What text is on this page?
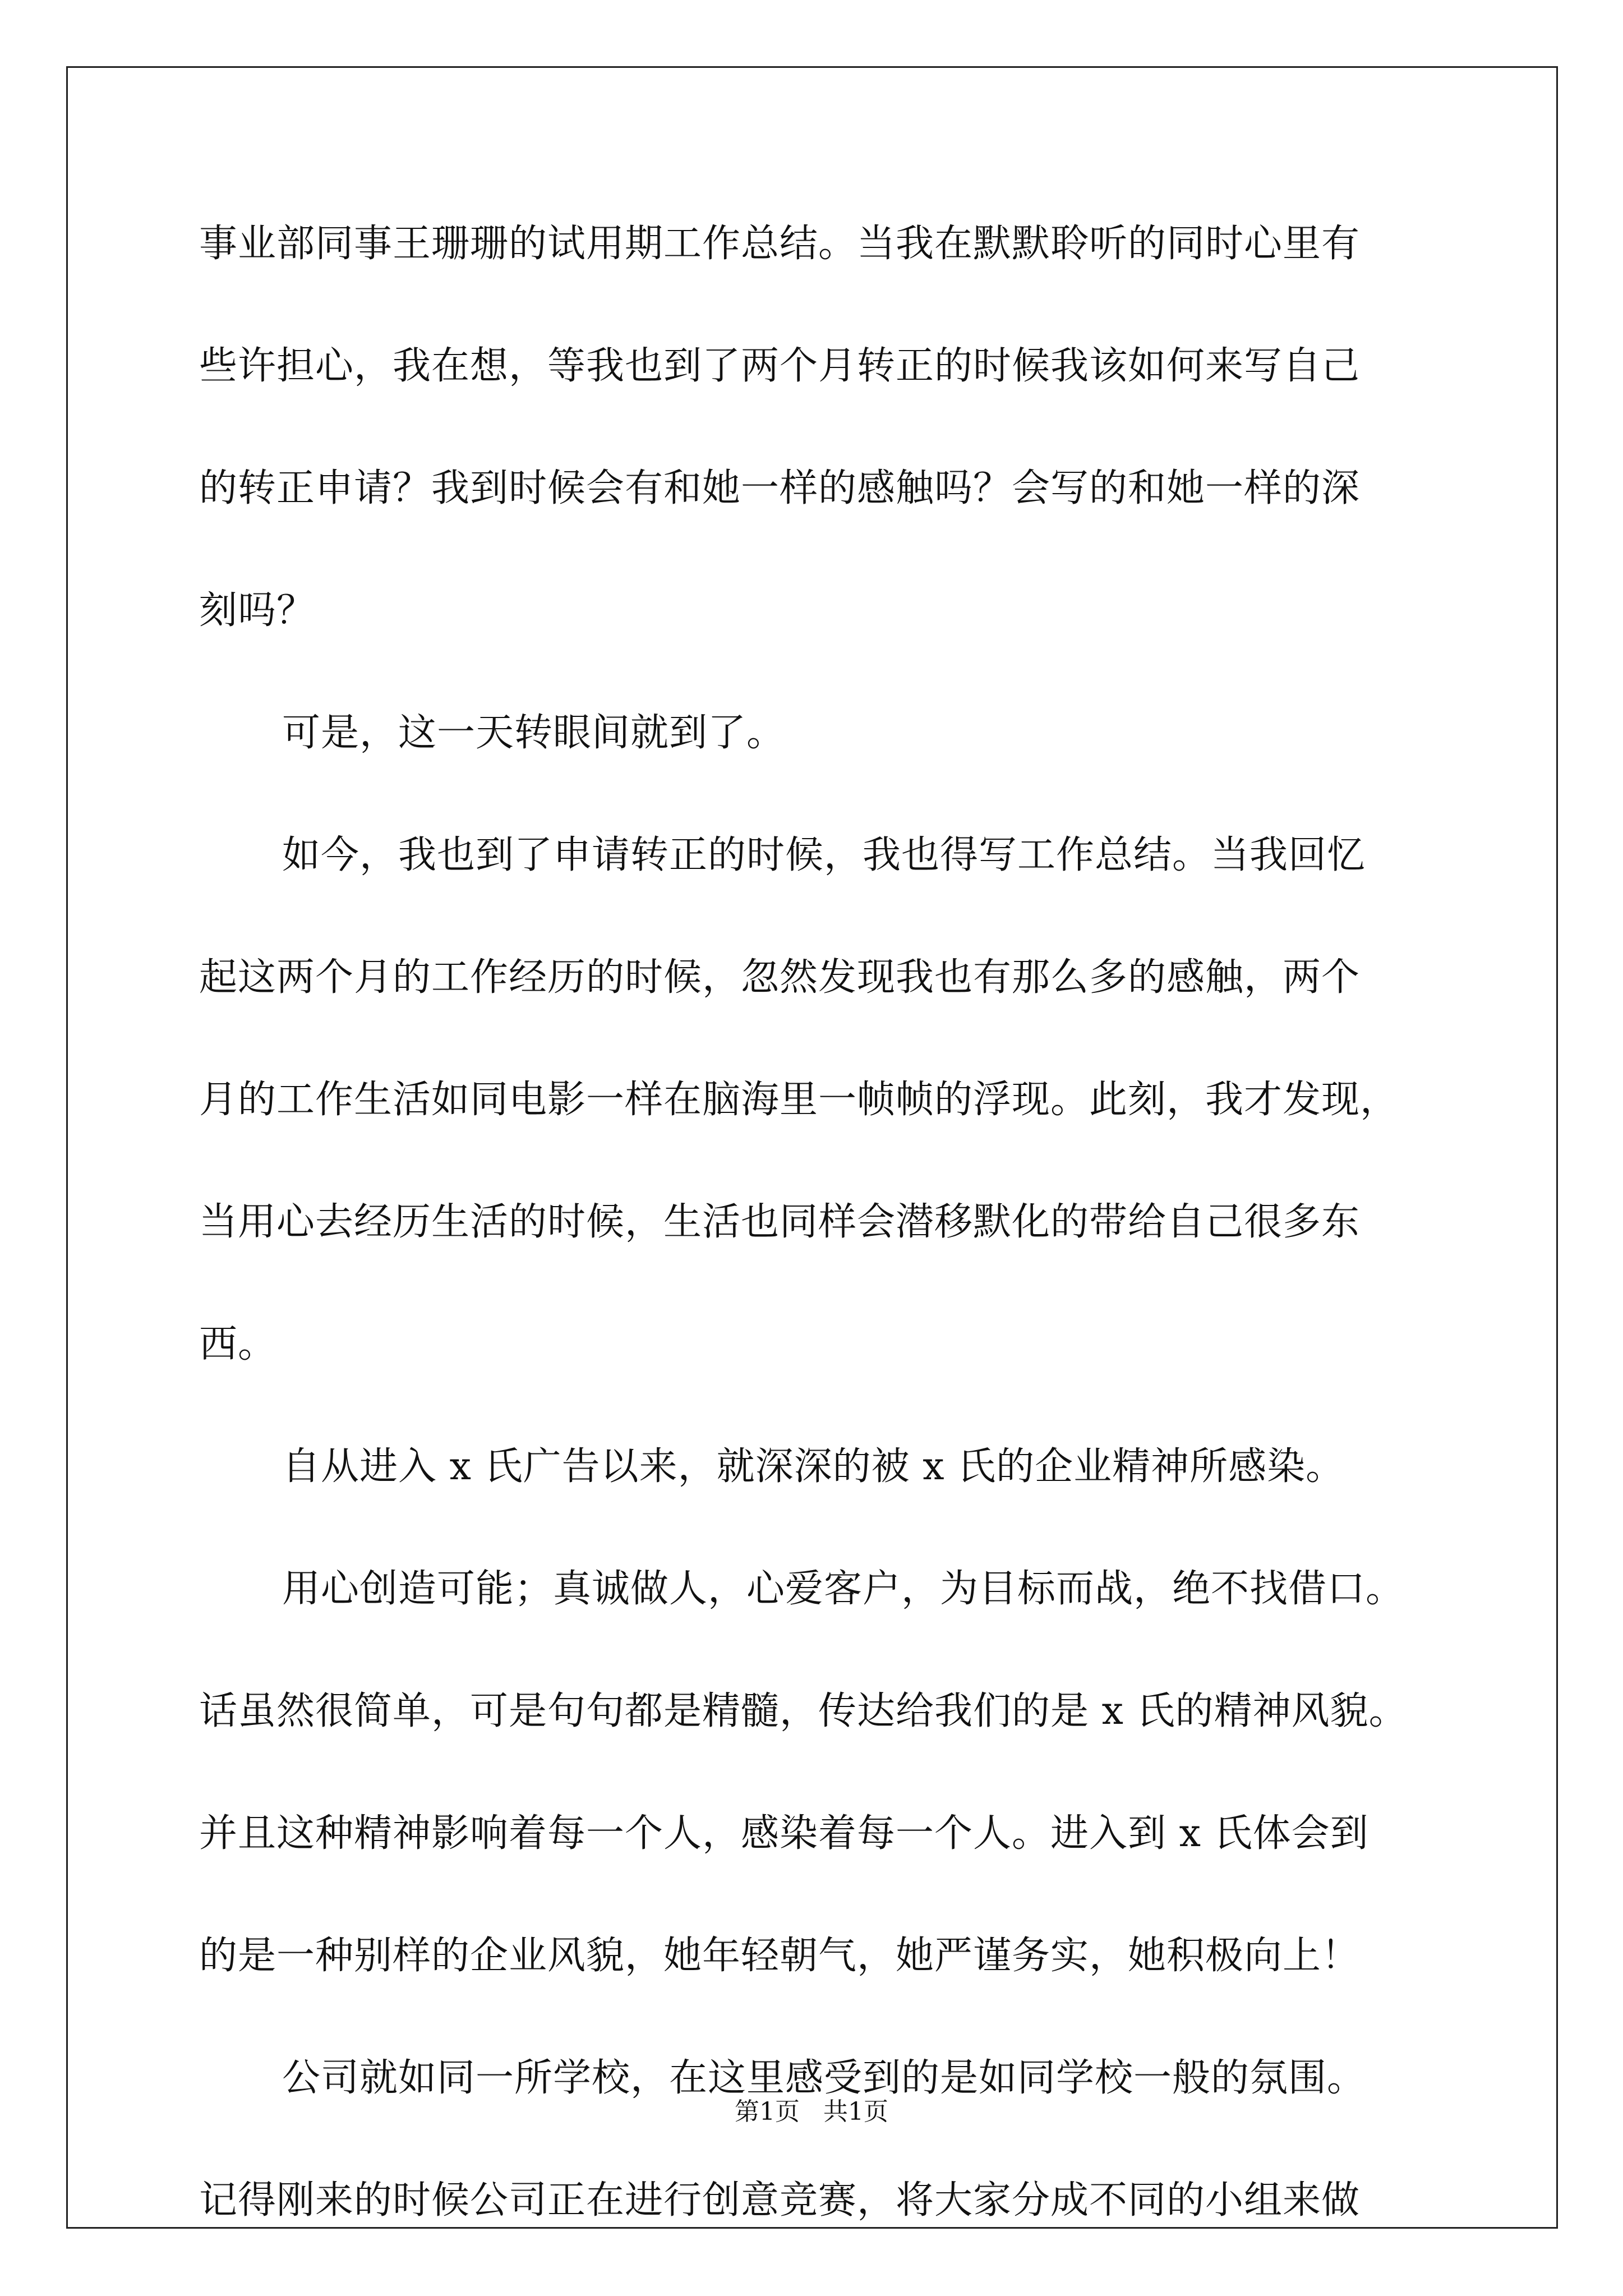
事业部同事王珊珊的试用期工作总结。当我在默默聆听的同时心里有
些许担心，我在想，等我也到了两个月转正的时候我该如何来写自己
的转正申请？我到时候会有和她一样的感触吗？会写的和她一样的深
刻吗？
可是，这一天转眼间就到了。
如今，我也到了申请转正的时候，我也得写工作总结。当我回忆
起这两个月的工作经历的时候，忽然发现我也有那么多的感触，两个
月的工作生活如同电影一样在脑海里一帧帧的浮现。此刻，我才发现，
当用心去经历生活的时候，生活也同样会潜移默化的带给自己很多东
西。
自从进入 x 氏广告以来，就深深的被 x 氏的企业精神所感染。
用心创造可能；真诚做人，心爱客户，为目标而战，绝不找借口。
话虽然很简单，可是句句都是精髓，传达给我们的是 x 氏的精神风貌。
并且这种精神影响着每一个人，感染着每一个人。进入到 x 氏体会到
的是一种别样的企业风貌，她年轻朝气，她严谨务实，她积极向上！
公司就如同一所学校，在这里感受到的是如同学校一般的氛围。
记得刚来的时候公司正在进行创意竞赛，将大家分成不同的小组来做
第1页   共1页
